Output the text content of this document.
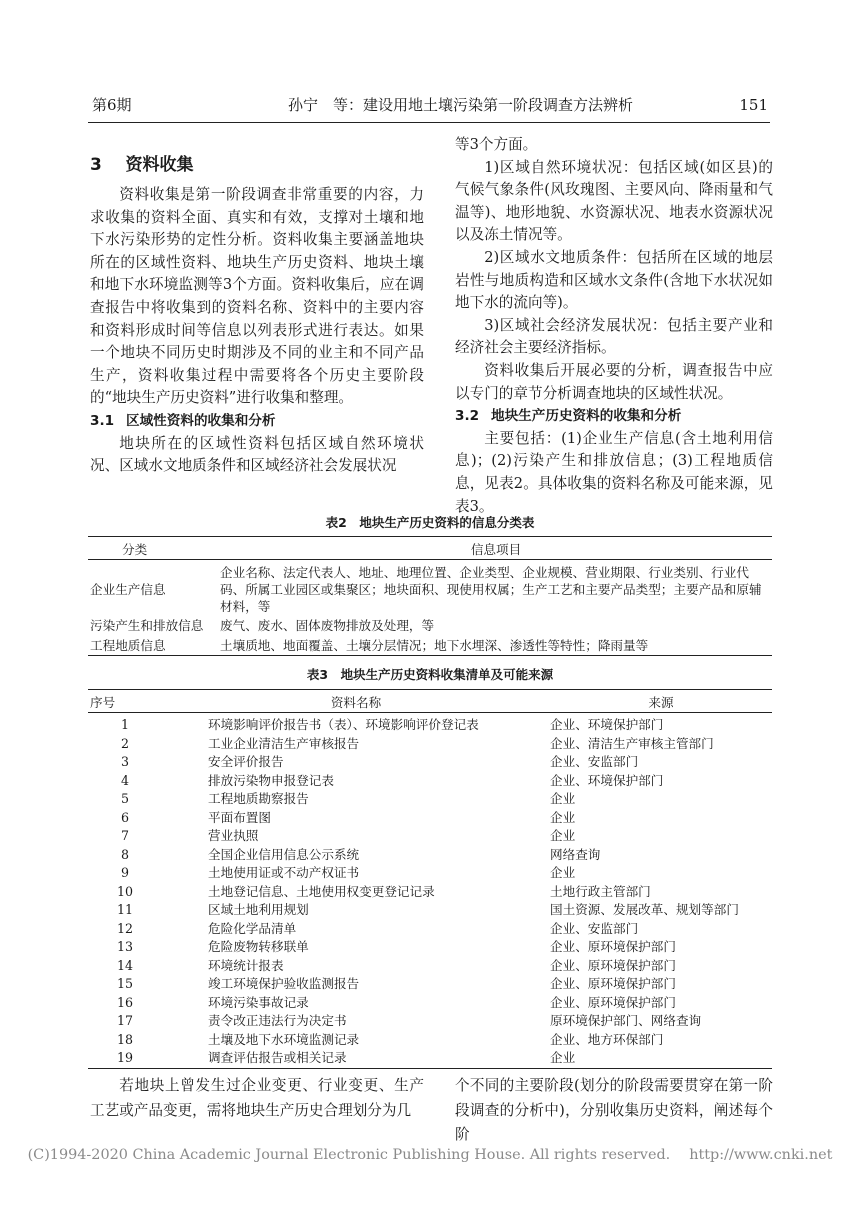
第6期	孙宁　等：建设用地土壤污染第一阶段调查方法辨析	151
3 资料收集

资料收集是第一阶段调查非常重要的内容，力求收集的资料全面、真实和有效，支撑对土壤和地下水污染形势的定性分析。资料收集主要涵盖地块所在的区域性资料、地块生产历史资料、地块土壤和地下水环境监测等3个方面。资料收集后，应在调查报告中将收集到的资料名称、资料中的主要内容和资料形成时间等信息以列表形式进行表达。如果一个地块不同历史时期涉及不同的业主和不同产品生产，资料收集过程中需要将各个历史主要阶段的“地块生产历史资料”进行收集和整理。

3.1 区域性资料的收集和分析

地块所在的区域性资料包括区域自然环境状况、区域水文地质条件和区域经济社会发展状况

等3个方面。

1)区域自然环境状况：包括区域(如区县)的气候气象条件(风玫瑰图、主要风向、降雨量和气温等)、地形地貌、水资源状况、地表水资源状况以及冻土情况等。

2)区域水文地质条件：包括所在区域的地层岩性与地质构造和区域水文条件(含地下水状况如地下水的流向等)。

3)区域社会经济发展状况：包括主要产业和经济社会主要经济指标。

资料收集后开展必要的分析，调查报告中应以专门的章节分析调查地块的区域性状况。

3.2 地块生产历史资料的收集和分析

主要包括：(1)企业生产信息(含土地利用信息)；(2)污染产生和排放信息；(3)工程地质信息，见表2。具体收集的资料名称及可能来源，见表3。

表2　地块生产历史资料的信息分类表
分类	信息项目
企业生产信息	企业名称、法定代表人、地址、地理位置、企业类型、企业规模、营业期限、行业类别、行业代码、所属工业园区或集聚区；地块面积、现使用权属；生产工艺和主要产品类型；主要产品和原辅材料，等
污染产生和排放信息	废气、废水、固体废物排放及处理，等
工程地质信息	土壤质地、地面覆盖、土壤分层情况；地下水埋深、渗透性等特性；降雨量等
表3　地块生产历史资料收集清单及可能来源
序号	资料名称	来源
1	环境影响评价报告书（表）、环境影响评价登记表	企业、环境保护部门
2	工业企业清洁生产审核报告	企业、清洁生产审核主管部门
3	安全评价报告	企业、安监部门
4	排放污染物申报登记表	企业、环境保护部门
5	工程地质勘察报告	企业
6	平面布置图	企业
7	营业执照	企业
8	全国企业信用信息公示系统	网络查询
9	土地使用证或不动产权证书	企业
10	土地登记信息、土地使用权变更登记记录	土地行政主管部门
11	区域土地利用规划	国土资源、发展改革、规划等部门
12	危险化学品清单	企业、安监部门
13	危险废物转移联单	企业、原环境保护部门
14	环境统计报表	企业、原环境保护部门
15	竣工环境保护验收监测报告	企业、原环境保护部门
16	环境污染事故记录	企业、原环境保护部门
17	责令改正违法行为决定书	原环境保护部门、网络查询
18	土壤及地下水环境监测记录	企业、地方环保部门
19	调查评估报告或相关记录	企业

若地块上曾发生过企业变更、行业变更、生产工艺或产品变更，需将地块生产历史合理划分为几

个不同的主要阶段(划分的阶段需要贯穿在第一阶段调查的分析中)，分别收集历史资料，阐述每个阶

(C)1994-2020 China Academic Journal Electronic Publishing House. All rights reserved.　 http://www.cnki.net
